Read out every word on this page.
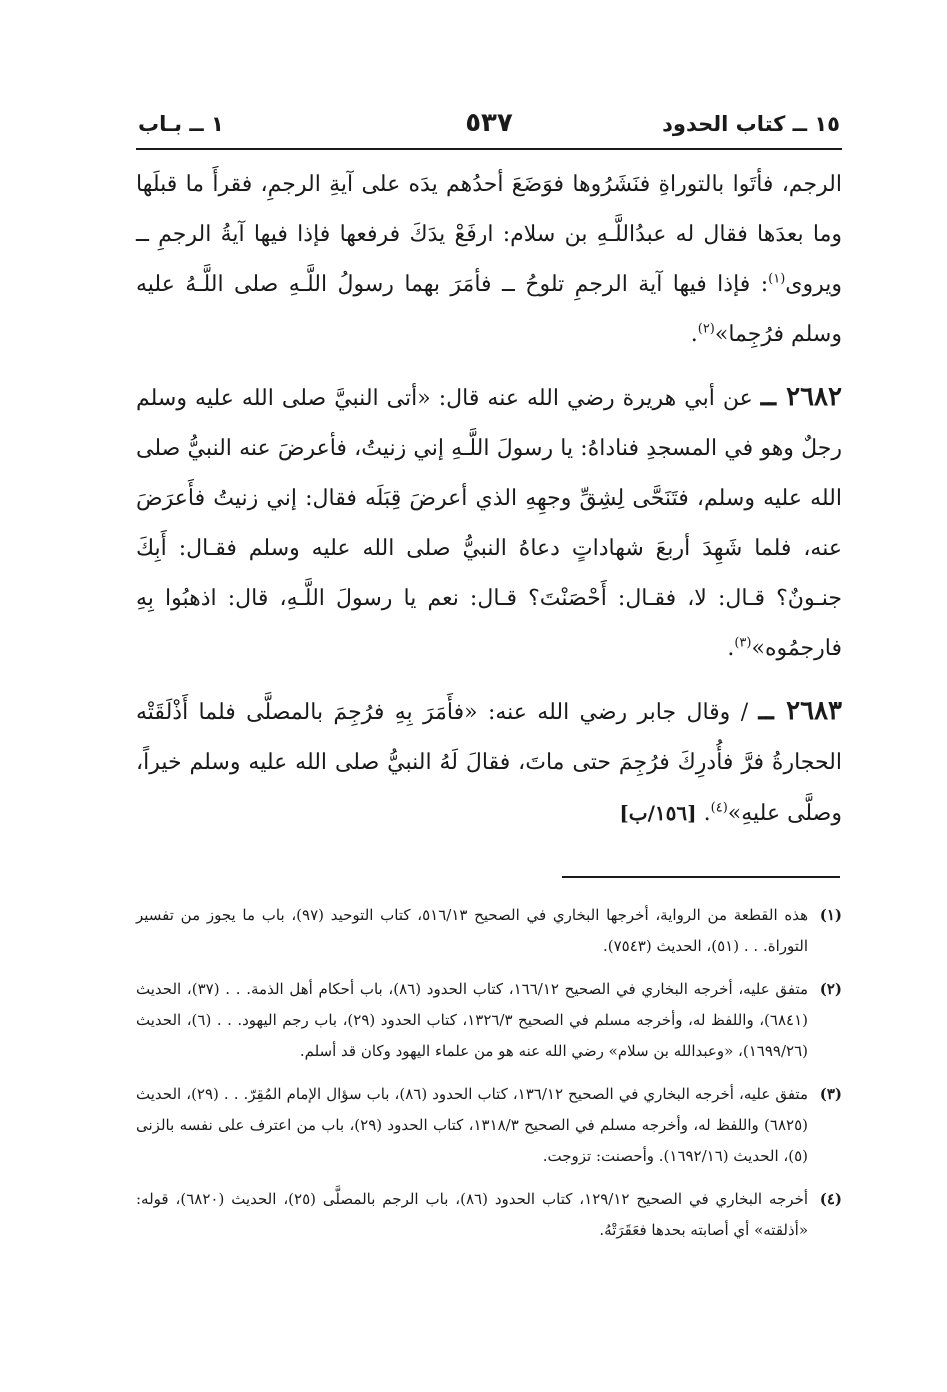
١٥ ــ كتاب الحدود
٥٣٧
١ ــ بـاب

الرجم، فأتَوا بالتوراةِ فنَشَرُوها فوَضَعَ أحدُهم يدَه على آيةِ الرجمِ، فقرأَ ما قبلَها وما بعدَها فقال له عبدُاللَّـهِ بن سلام: ارفَعْ يدَكَ فرفعها فإذا فيها آيةُ الرجمِ ــ ويروى$^{(١)}$: فإذا فيها آية الرجمِ تلوحُ ــ فأمَرَ بهما رسولُ اللَّـهِ صلى اللَّـهُ عليه وسلم فرُجِما»$^{(٢)}$.

٢٦٨٢ ــ عن أبي هريرة رضي الله عنه قال: «أتى النبيَّ صلى الله عليه وسلم رجلٌ وهو في المسجدِ فناداهُ: يا رسولَ اللَّـهِ إني زنيتُ، فأعرضَ عنه النبيُّ صلى الله عليه وسلم، فتَنَحَّى لِشِقِّ وجهِهِ الذي أعرضَ قِبَلَه فقال: إني زنيتُ فأَعرَضَ عنه، فلما شَهِدَ أربعَ شهاداتٍ دعاهُ النبيُّ صلى الله عليه وسلم فقـال: أَبِكَ جنـونٌ؟ قـال: لا، فقـال: أَحْصَنْتَ؟ قـال: نعم يا رسولَ اللَّـهِ، قال: اذهبُوا بِهِ فارجمُوه»$^{(٣)}$.

٢٦٨٣ ــ / وقال جابر رضي الله عنه: «فأَمَرَ بِهِ فرُجِمَ بالمصلَّى فلما أَذْلَقَتْه الحجارةُ فرَّ فأُدرِكَ فرُجِمَ حتى ماتَ، فقالَ لَهُ النبيُّ صلى الله عليه وسلم خيراً، وصلَّى عليهِ»$^{(٤)}$. [١٥٦/ب]

(١)
هذه القطعة من الرواية، أخرجها البخاري في الصحيح ٥١٦/١٣، كتاب التوحيد (٩٧)، باب ما يجوز من تفسير التوراة. . . (٥١)، الحديث (٧٥٤٣).
(٢)
متفق عليه، أخرجه البخاري في الصحيح ١٦٦/١٢، كتاب الحدود (٨٦)، باب أحكام أهل الذمة. . . (٣٧)، الحديث (٦٨٤١)، واللفظ له، وأخرجه مسلم في الصحيح ١٣٢٦/٣، كتاب الحدود (٢٩)، باب رجم اليهود. . . (٦)، الحديث (١٦٩٩/٢٦)، «وعبدالله بن سلام» رضي الله عنه هو من علماء اليهود وكان قد أسلم.
(٣)
متفق عليه، أخرجه البخاري في الصحيح ١٣٦/١٢، كتاب الحدود (٨٦)، باب سؤال الإمام المُقِرّ. . . (٢٩)، الحديث (٦٨٢٥) واللفظ له، وأخرجه مسلم في الصحيح ١٣١٨/٣، كتاب الحدود (٢٩)، باب من اعترف على نفسه بالزنى (٥)، الحديث (١٦٩٢/١٦). وأحصنت: تزوجت.
(٤)
أخرجه البخاري في الصحيح ١٢٩/١٢، كتاب الحدود (٨٦)، باب الرجم بالمصلَّى (٢٥)، الحديث (٦٨٢٠)، قوله: «أذلقته» أي أصابته بحدها فعَقَرَتْهُ.
